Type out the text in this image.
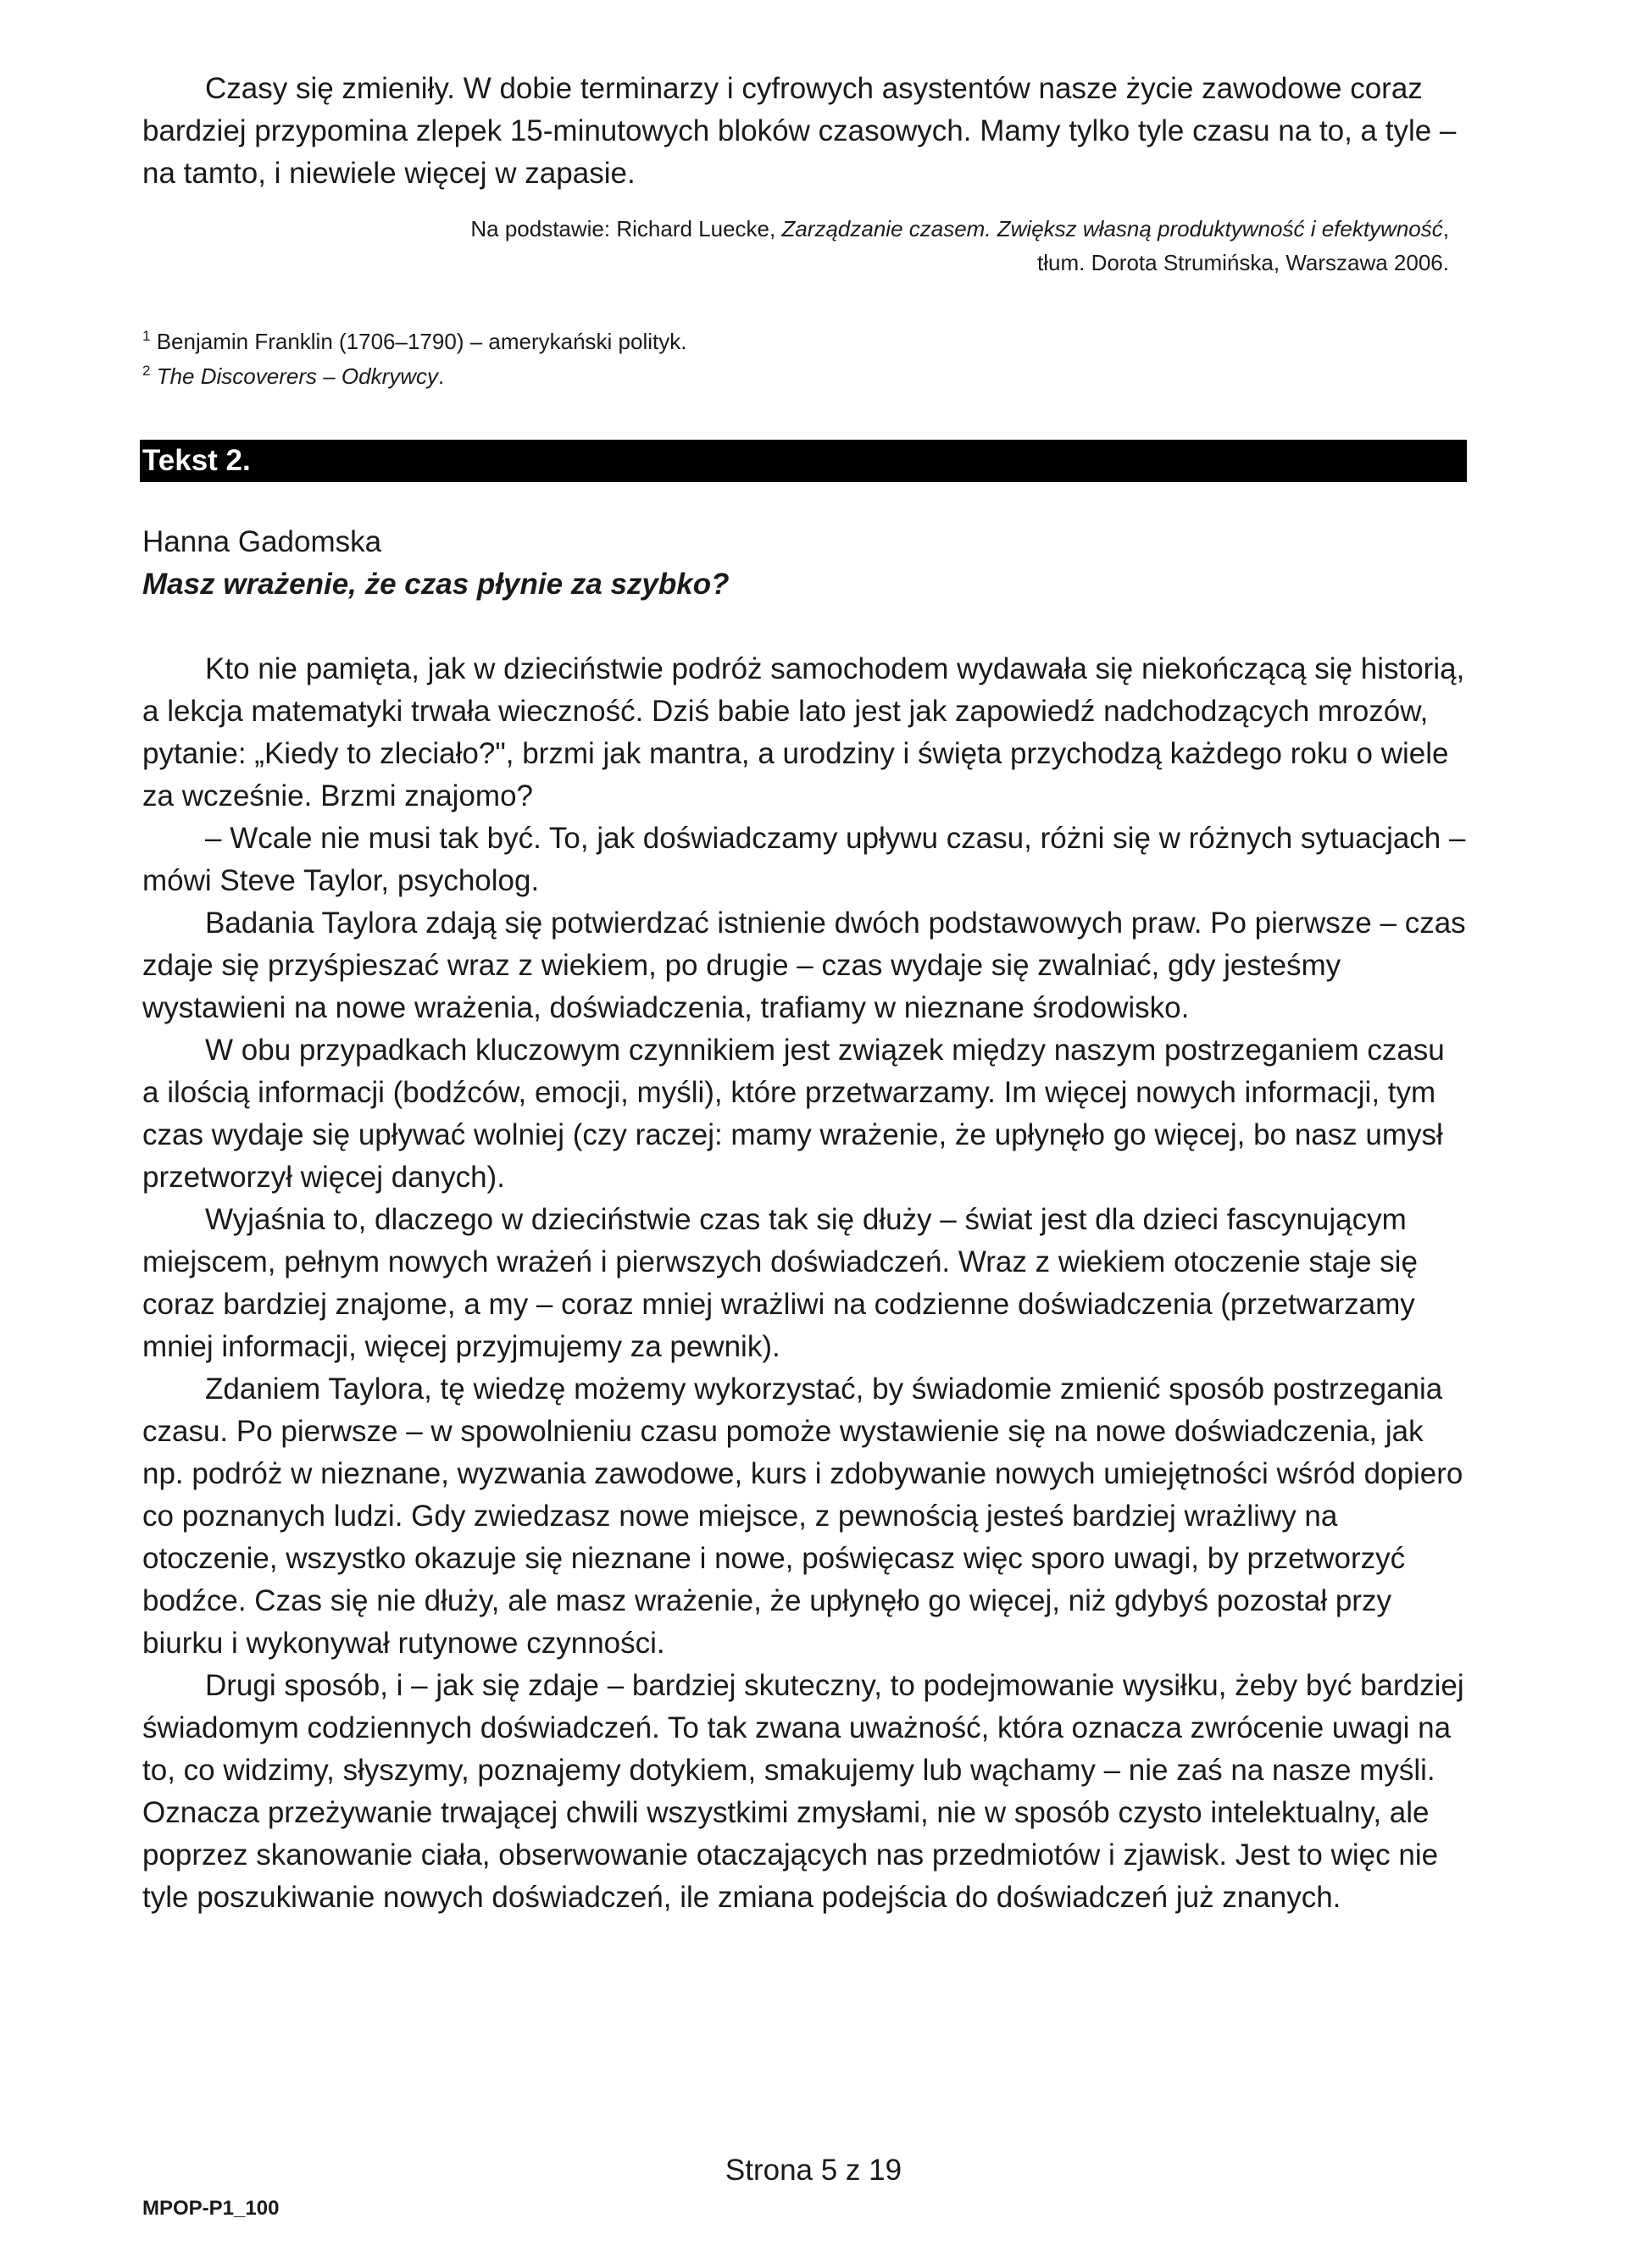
Czasy się zmieniły. W dobie terminarzy i cyfrowych asystentów nasze życie zawodowe coraz bardziej przypomina zlepek 15-minutowych bloków czasowych. Mamy tylko tyle czasu na to, a tyle – na tamto, i niewiele więcej w zapasie.

Na podstawie: Richard Luecke, Zarządzanie czasem. Zwiększ własną produktywność i efektywność,

tłum. Dorota Strumińska, Warszawa 2006.

$^1$ Benjamin Franklin (1706–1790) – amerykański polityk.

$^2$ The Discoverers – Odkrywcy.

Tekst 2.

Hanna Gadomska

Masz wrażenie, że czas płynie za szybko?

Kto nie pamięta, jak w dzieciństwie podróż samochodem wydawała się niekończącą się historią, a lekcja matematyki trwała wieczność. Dziś babie lato jest jak zapowiedź nadchodzących mrozów, pytanie: „Kiedy to zleciało?", brzmi jak mantra, a urodziny i święta przychodzą każdego roku o wiele za wcześnie. Brzmi znajomo?

– Wcale nie musi tak być. To, jak doświadczamy upływu czasu, różni się w różnych sytuacjach – mówi Steve Taylor, psycholog.

Badania Taylora zdają się potwierdzać istnienie dwóch podstawowych praw. Po pierwsze – czas zdaje się przyśpieszać wraz z wiekiem, po drugie – czas wydaje się zwalniać, gdy jesteśmy wystawieni na nowe wrażenia, doświadczenia, trafiamy w nieznane środowisko.

W obu przypadkach kluczowym czynnikiem jest związek między naszym postrzeganiem czasu a ilością informacji (bodźców, emocji, myśli), które przetwarzamy. Im więcej nowych informacji, tym czas wydaje się upływać wolniej (czy raczej: mamy wrażenie, że upłynęło go więcej, bo nasz umysł przetworzył więcej danych).

Wyjaśnia to, dlaczego w dzieciństwie czas tak się dłuży – świat jest dla dzieci fascynującym miejscem, pełnym nowych wrażeń i pierwszych doświadczeń. Wraz z wiekiem otoczenie staje się coraz bardziej znajome, a my – coraz mniej wrażliwi na codzienne doświadczenia (przetwarzamy mniej informacji, więcej przyjmujemy za pewnik).

Zdaniem Taylora, tę wiedzę możemy wykorzystać, by świadomie zmienić sposób postrzegania czasu. Po pierwsze – w spowolnieniu czasu pomoże wystawienie się na nowe doświadczenia, jak np. podróż w nieznane, wyzwania zawodowe, kurs i zdobywanie nowych umiejętności wśród dopiero co poznanych ludzi. Gdy zwiedzasz nowe miejsce, z pewnością jesteś bardziej wrażliwy na otoczenie, wszystko okazuje się nieznane i nowe, poświęcasz więc sporo uwagi, by przetworzyć bodźce. Czas się nie dłuży, ale masz wrażenie, że upłynęło go więcej, niż gdybyś pozostał przy biurku i wykonywał rutynowe czynności.

Drugi sposób, i – jak się zdaje – bardziej skuteczny, to podejmowanie wysiłku, żeby być bardziej świadomym codziennych doświadczeń. To tak zwana uważność, która oznacza zwrócenie uwagi na to, co widzimy, słyszymy, poznajemy dotykiem, smakujemy lub wąchamy – nie zaś na nasze myśli. Oznacza przeżywanie trwającej chwili wszystkimi zmysłami, nie w sposób czysto intelektualny, ale poprzez skanowanie ciała, obserwowanie otaczających nas przedmiotów i zjawisk. Jest to więc nie tyle poszukiwanie nowych doświadczeń, ile zmiana podejścia do doświadczeń już znanych.

Strona 5 z 19
MPOP-P1_100
